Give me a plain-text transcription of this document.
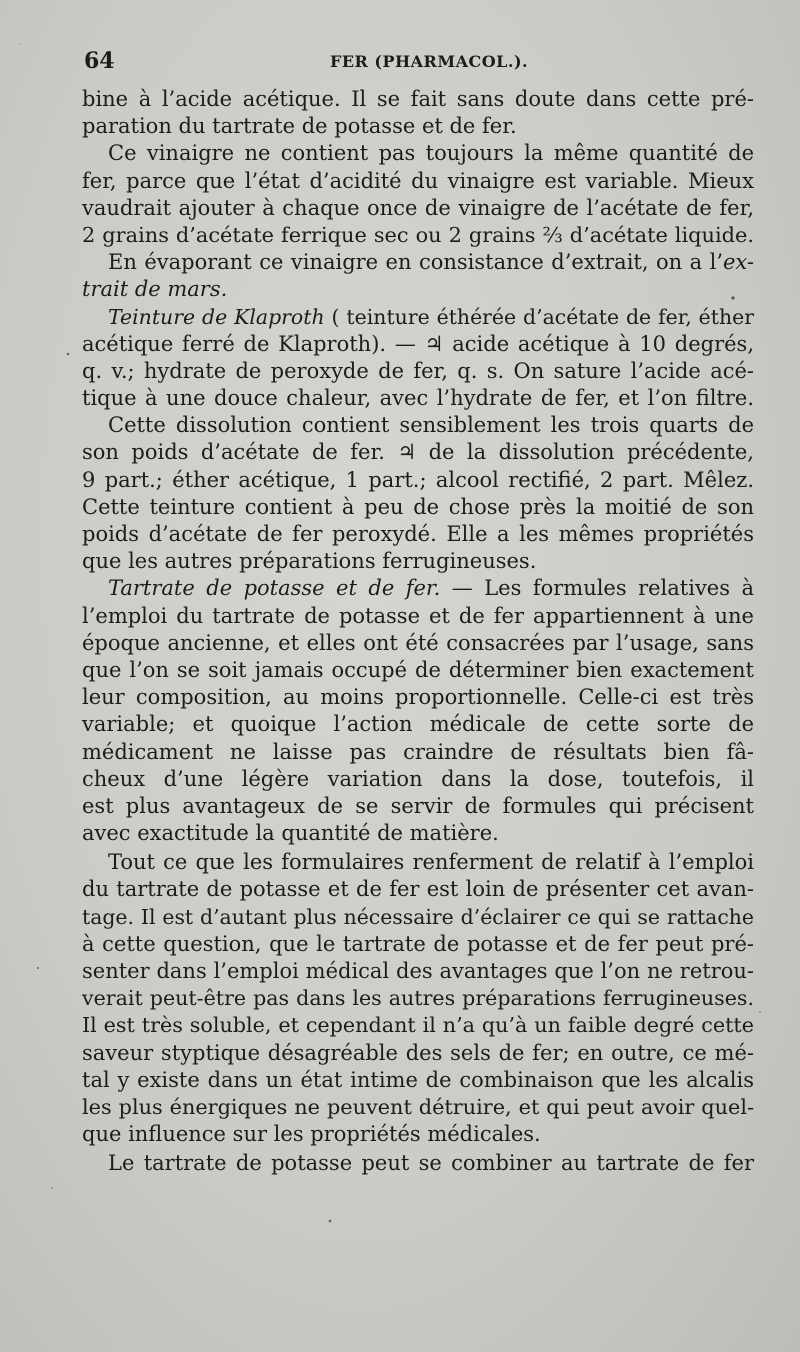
64	FER (PHARMACOL.).
bine à l’acide acétique. Il se fait sans doute dans cette pré-
paration du tartrate de potasse et de fer.
Ce vinaigre ne contient pas toujours la même quantité de
fer, parce que l’état d’acidité du vinaigre est variable. Mieux
vaudrait ajouter à chaque once de vinaigre de l’acétate de fer,
2 grains d’acétate ferrique sec ou 2 grains ⅔ d’acétate liquide.
En évaporant ce vinaigre en consistance d’extrait, on a l’ex-
trait de mars.
Teinture de Klaproth ( teinture éthérée d’acétate de fer, éther
acétique ferré de Klaproth). — ♃ acide acétique à 10 degrés,
q. v.; hydrate de peroxyde de fer, q. s. On sature l’acide acé-
tique à une douce chaleur, avec l’hydrate de fer, et l’on filtre.
Cette dissolution contient sensiblement les trois quarts de
son poids d’acétate de fer. ♃ de la dissolution précédente,
9 part.; éther acétique, 1 part.; alcool rectifié, 2 part. Mêlez.
Cette teinture contient à peu de chose près la moitié de son
poids d’acétate de fer peroxydé. Elle a les mêmes propriétés
que les autres préparations ferrugineuses.
Tartrate de potasse et de fer. — Les formules relatives à
l’emploi du tartrate de potasse et de fer appartiennent à une
époque ancienne, et elles ont été consacrées par l’usage, sans
que l’on se soit jamais occupé de déterminer bien exactement
leur composition, au moins proportionnelle. Celle-ci est très
variable; et quoique l’action médicale de cette sorte de
médicament ne laisse pas craindre de résultats bien fâ-
cheux d’une légère variation dans la dose, toutefois, il
est plus avantageux de se servir de formules qui précisent
avec exactitude la quantité de matière.
Tout ce que les formulaires renferment de relatif à l’emploi
du tartrate de potasse et de fer est loin de présenter cet avan-
tage. Il est d’autant plus nécessaire d’éclairer ce qui se rattache
à cette question, que le tartrate de potasse et de fer peut pré-
senter dans l’emploi médical des avantages que l’on ne retrou-
verait peut-être pas dans les autres préparations ferrugineuses.
Il est très soluble, et cependant il n’a qu’à un faible degré cette
saveur styptique désagréable des sels de fer; en outre, ce mé-
tal y existe dans un état intime de combinaison que les alcalis
les plus énergiques ne peuvent détruire, et qui peut avoir quel-
que influence sur les propriétés médicales.
Le tartrate de potasse peut se combiner au tartrate de fer
